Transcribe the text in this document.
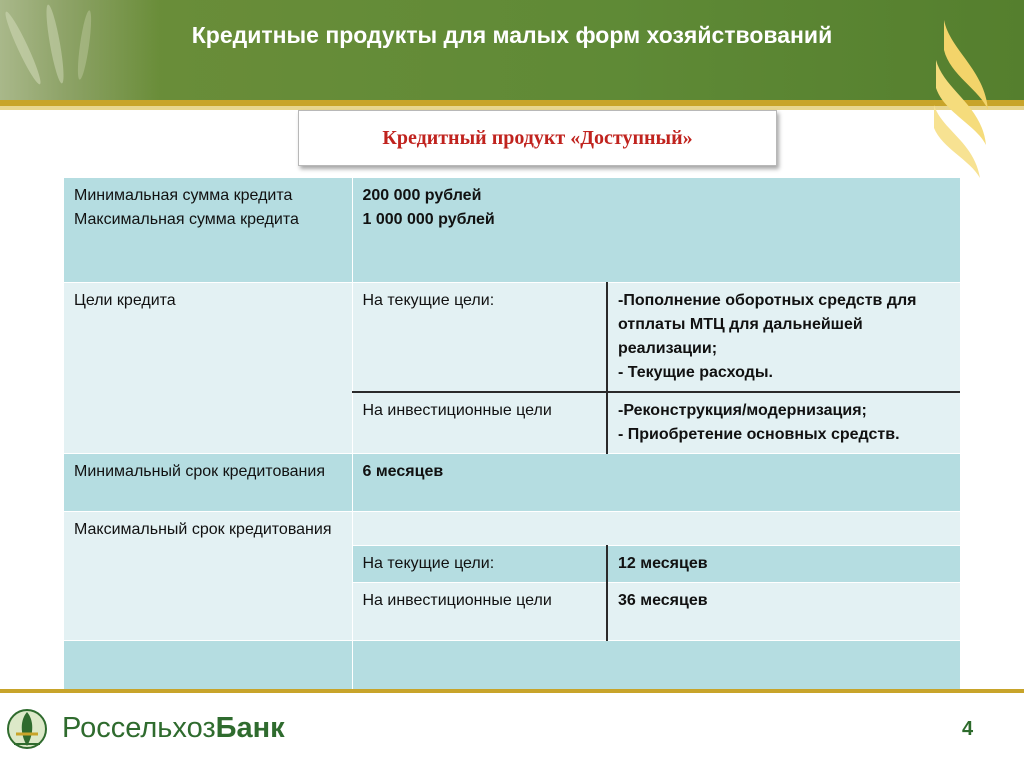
Кредитные продукты для малых форм хозяйствований
Кредитный продукт «Доступный»
Минимальная сумма кредита Максимальная сумма кредита	200 000 рублей
1 000 000 рублей	

Цели кредита	На текущие цели:	-Пополнение оборотных средств для отплаты МТЦ для дальнейшей реализации;
- Текущие расходы.

	На инвестиционные цели	-Реконструкция/модернизация;
- Приобретение основных средств.

Минимальный срок кредитования	6 месяцев	
Максимальный срок кредитования		
	На текущие цели:	12 месяцев
	На инвестиционные цели	36 месяцев

РоссельхозБанк	4
